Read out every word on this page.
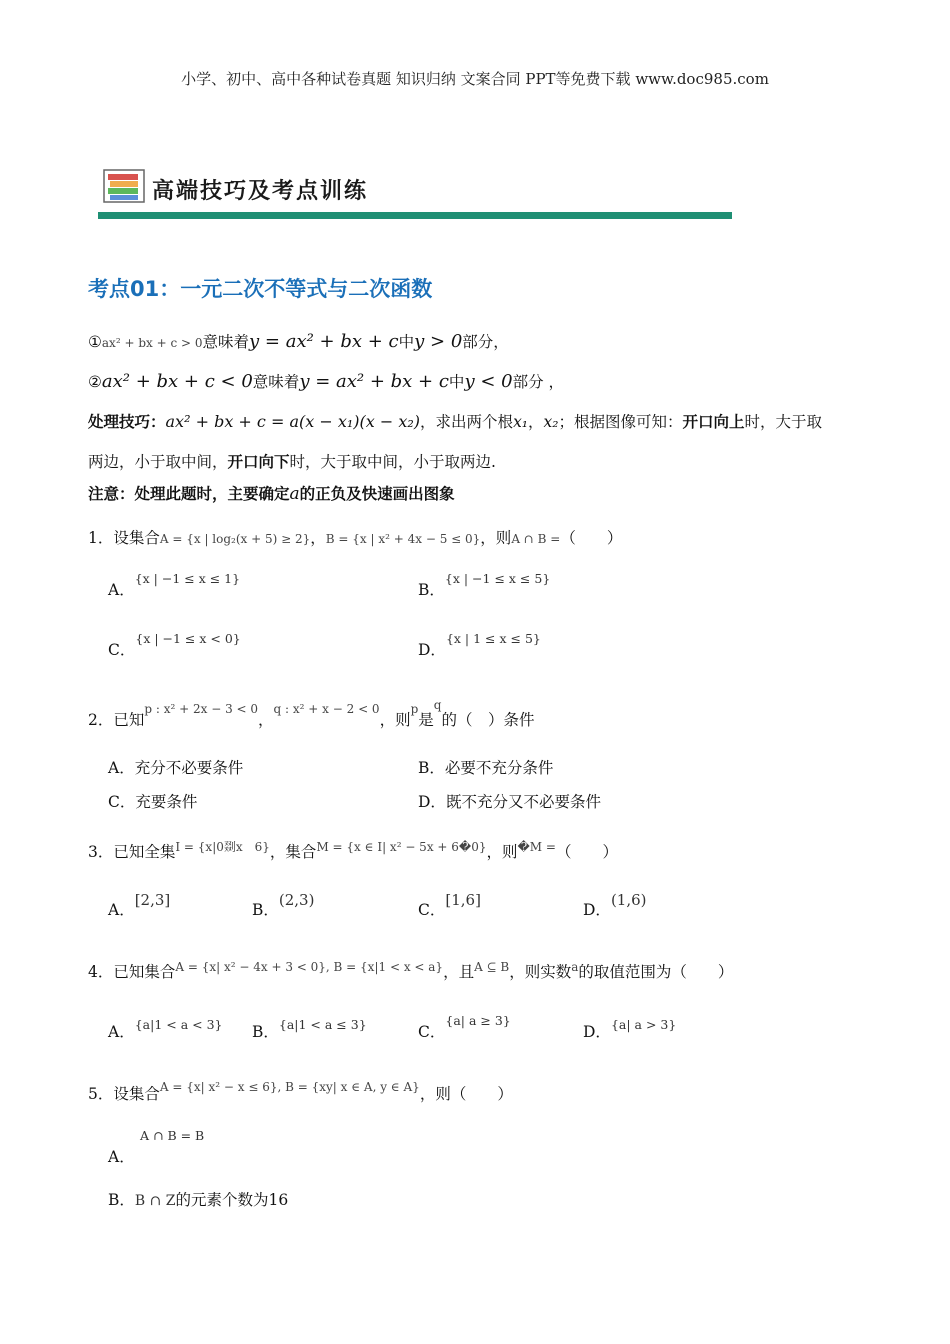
小学、初中、高中各种试卷真题 知识归纳 文案合同 PPT等免费下载 www.doc985.com
高端技巧及考点训练
考点01：一元二次不等式与二次函数
①ax² + bx + c > 0意味着y = ax² + bx + c中y > 0部分，
②ax² + bx + c < 0意味着y = ax² + bx + c中y < 0部分 ，
处理技巧：ax² + bx + c = a(x − x₁)(x − x₂)，求出两个根x₁，x₂；根据图像可知：开口向上时，大于取
两边，小于取中间，开口向下时，大于取中间，小于取两边.
注意：处理此题时，主要确定a的正负及快速画出图象
1．设集合A = {x | log₂(x + 5) ≥ 2}，B = {x | x² + 4x − 5 ≤ 0}，则A ∩ B =（　　）
A．$^{\{x | -1 \le x \le 1\}}$
B．$^{\{x | -1 \le x \le 5\}}$
C．$^{\{x | -1 \le x < 0\}}$
D．$^{\{x | 1 \le x \le 5\}}$
2．已知$^{p : x^2 + 2x - 3 < 0}$，$^{q : x^2 + x - 2 < 0}$，则$^p$是$^q$的（　）条件
A．充分不必要条件	B．必要不充分条件
C．充要条件	D．既不充分又不必要条件
3．已知全集$^{I = \{x|0剟x 6\}}$，集合$^{M = \{x \in I| x^2 - 5x + 6�0\}}$，则$^{�M =}$（　　）
A．[2,3]
B．(2,3)
C．[1,6]
D．(1,6)
4．已知集合$^{A = \{x| x^2 - 4x + 3 < 0\}, B = \{x|1 < x < a\}}$，且$^{A ⊆ B}$，则实数$^a$的取值范围为（　　）
A．$^{\{a|1 < a < 3\}}$ B．$^{\{a|1 < a \le 3\}}$	C．$^{\{a| a \ge 3\}}$
D．$^{\{a| a > 3\}}$
5．设集合$^{A = \{x| x^2 - x \le 6\}, B = \{xy| x \in A, y \in A\}}$，则（　　）
A ∩ B = B
A．
B．B ∩ Z的元素个数为16
